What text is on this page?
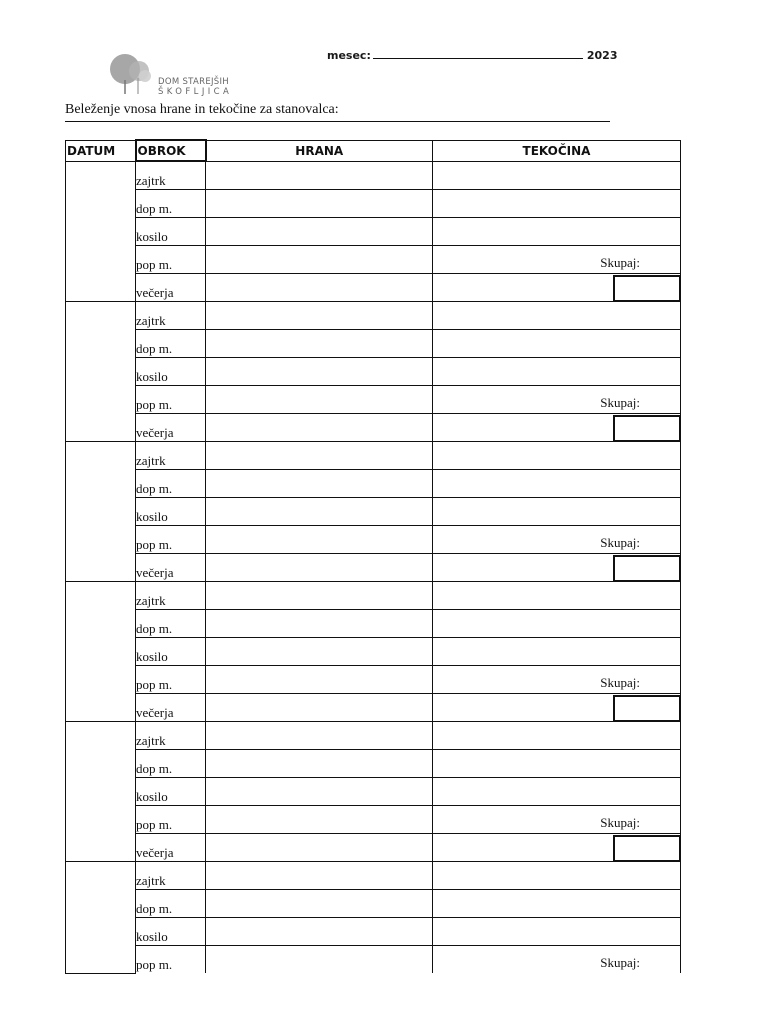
mesec:	2023
DOM STAREJŠIH
ŠKOFLJICA
Beleženje vnosa hrane in tekočine za stanovalca:
DATUM	OBROK	HRANA	TEKOČINA
	zajtrk		
	dop m.		
	kosilo		
	pop m.		Skupaj:

	večerja		

	zajtrk		
	dop m.		
	kosilo		
	pop m.		Skupaj:

	večerja		

	zajtrk		
	dop m.		
	kosilo		
	pop m.		Skupaj:

	večerja		

	zajtrk		
	dop m.		
	kosilo		
	pop m.		Skupaj:

	večerja		

	zajtrk		
	dop m.		
	kosilo		
	pop m.		Skupaj:

	večerja		

	zajtrk		
	dop m.		
	kosilo		
	pop m.		Skupaj:
